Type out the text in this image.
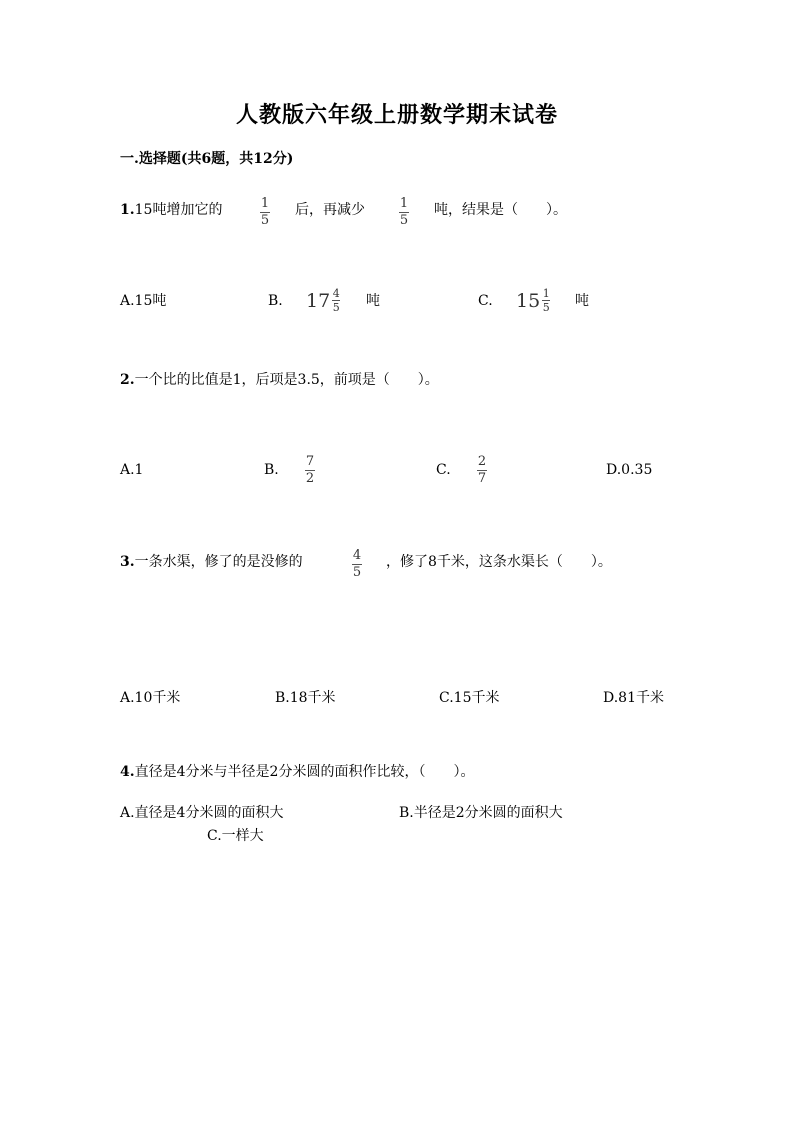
人教版六年级上册数学期末试卷
一.选择题(共6题，共12分)
1.15吨增加它的	1
5
后，再减少	1
5
吨，结果是（　　）。
A.15吨	B. 17 4
5 吨	C. 15 1
5 吨
2.一个比的比值是1，后项是3.5，前项是（　　）。
A.1	B.
7
2
C.
2
7
D.0.35
3.一条水渠，修了的是没修的	4
5
，修了8千米，这条水渠长（　　）。
A.10千米	B.18千米	C.15千米	D.81千米
4.直径是4分米与半径是2分米圆的面积作比较，（　　）。
A.直径是4分米圆的面积大	B.半径是2分米圆的面积大
C.一样大
